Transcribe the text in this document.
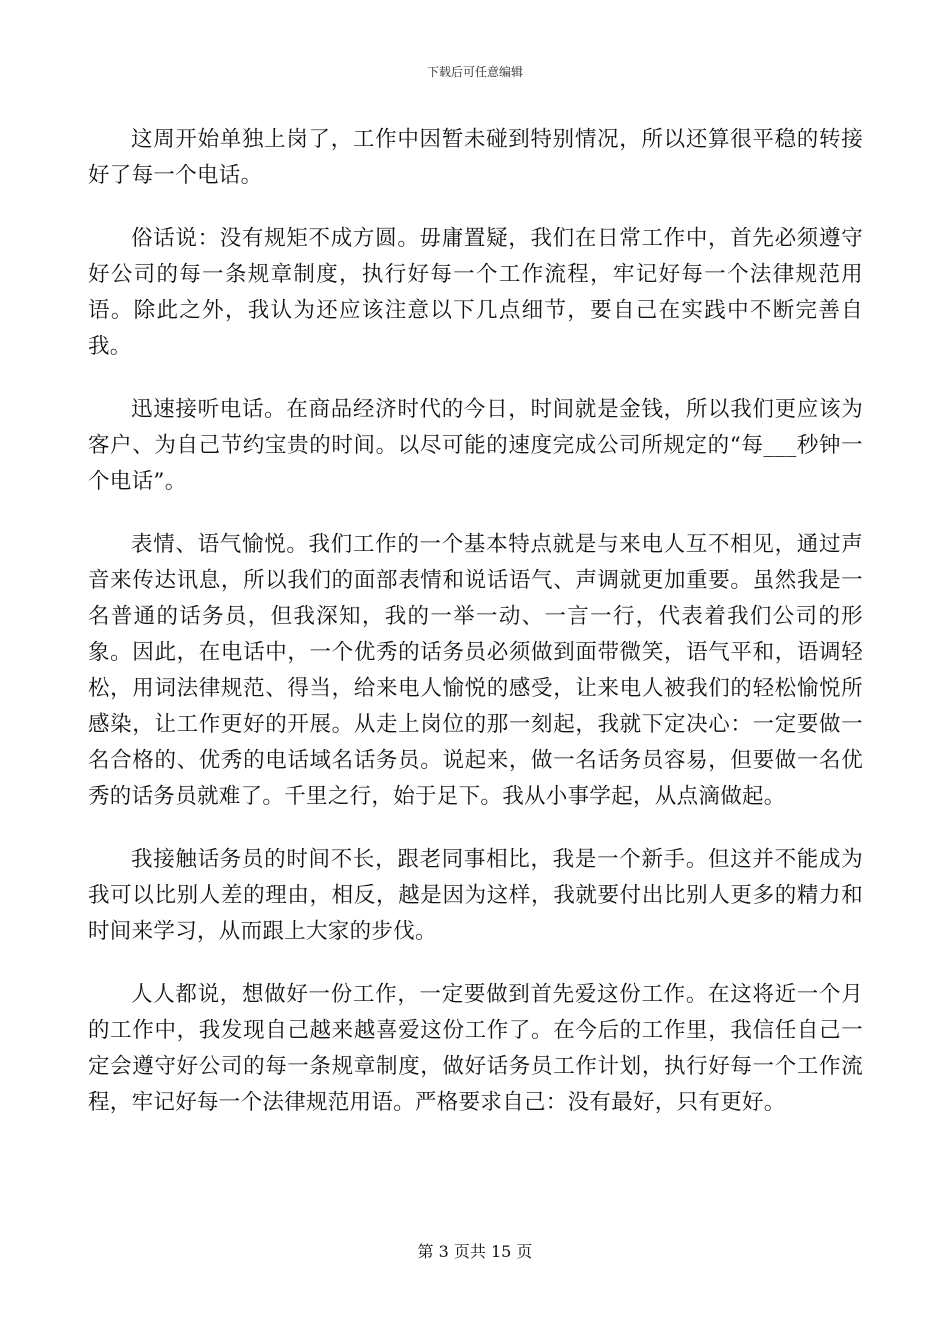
下载后可任意编辑

这周开始单独上岗了，工作中因暂未碰到特别情况，所以还算很平稳的转接好了每一个电话。

俗话说：没有规矩不成方圆。毋庸置疑，我们在日常工作中，首先必须遵守好公司的每一条规章制度，执行好每一个工作流程，牢记好每一个法律规范用语。除此之外，我认为还应该注意以下几点细节，要自己在实践中不断完善自我。

迅速接听电话。在商品经济时代的今日，时间就是金钱，所以我们更应该为客户、为自己节约宝贵的时间。以尽可能的速度完成公司所规定的“每___秒钟一个电话”。

表情、语气愉悦。我们工作的一个基本特点就是与来电人互不相见，通过声音来传达讯息，所以我们的面部表情和说话语气、声调就更加重要。虽然我是一名普通的话务员，但我深知，我的一举一动、一言一行，代表着我们公司的形象。因此，在电话中，一个优秀的话务员必须做到面带微笑，语气平和，语调轻松，用词法律规范、得当，给来电人愉悦的感受，让来电人被我们的轻松愉悦所感染，让工作更好的开展。从走上岗位的那一刻起，我就下定决心：一定要做一名合格的、优秀的电话域名话务员。说起来，做一名话务员容易，但要做一名优秀的话务员就难了。千里之行，始于足下。我从小事学起，从点滴做起。

我接触话务员的时间不长，跟老同事相比，我是一个新手。但这并不能成为我可以比别人差的理由，相反，越是因为这样，我就要付出比别人更多的精力和时间来学习，从而跟上大家的步伐。

人人都说，想做好一份工作，一定要做到首先爱这份工作。在这将近一个月的工作中，我发现自己越来越喜爱这份工作了。在今后的工作里，我信任自己一定会遵守好公司的每一条规章制度，做好话务员工作计划，执行好每一个工作流程，牢记好每一个法律规范用语。严格要求自己：没有最好，只有更好。

第 3 页共 15 页
